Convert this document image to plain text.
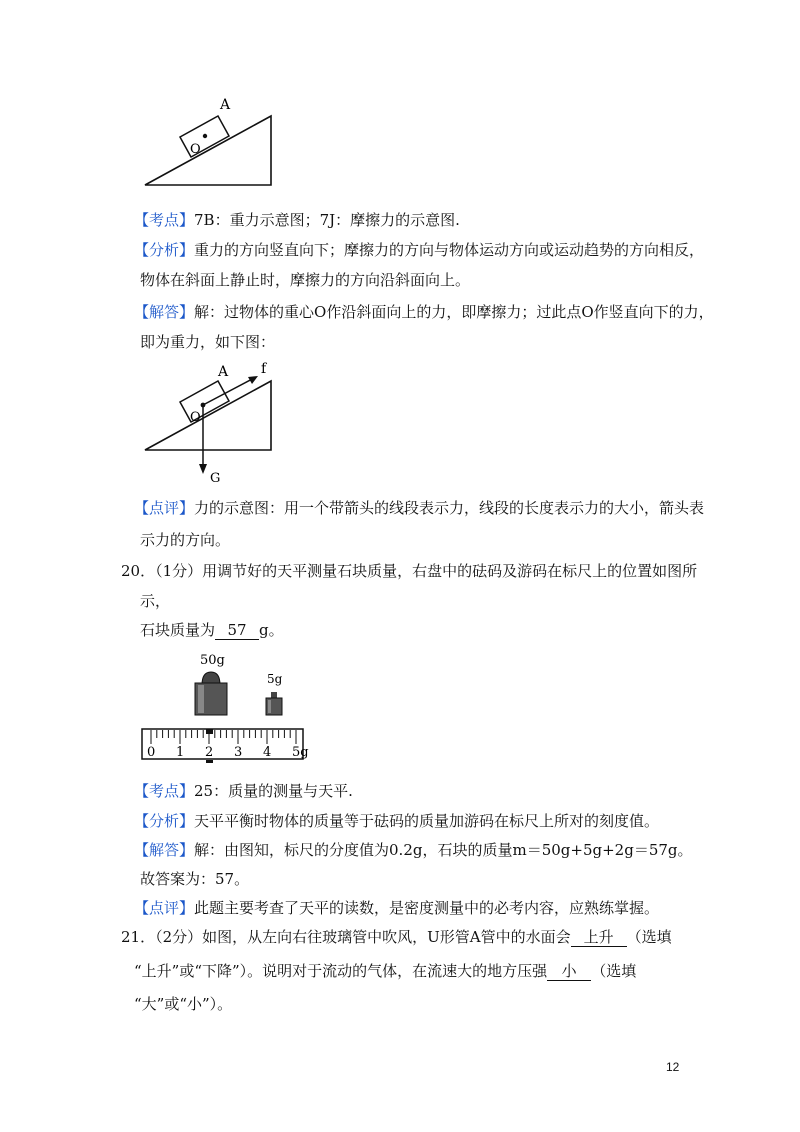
A
O
【考点】7B：重力示意图；7J：摩擦力的示意图.
【分析】重力的方向竖直向下；摩擦力的方向与物体运动方向或运动趋势的方向相反，
物体在斜面上静止时，摩擦力的方向沿斜面向上。
【解答】解：过物体的重心O作沿斜面向上的力，即摩擦力；过此点O作竖直向下的力，
即为重力，如下图：
A f
O
G
【点评】力的示意图：用一个带箭头的线段表示力，线段的长度表示力的大小，箭头表
示力的方向。
20．（1分）用调节好的天平测量石块质量，右盘中的砝码及游码在标尺上的位置如图所
示，
石块质量为 57 g。
50g
5g
0 1 2 3 4 5g
【考点】25：质量的测量与天平.
【分析】天平平衡时物体的质量等于砝码的质量加游码在标尺上所对的刻度值。
【解答】解：由图知，标尺的分度值为0.2g，石块的质量m＝50g+5g+2g＝57g。
故答案为：57。
【点评】此题主要考查了天平的读数，是密度测量中的必考内容，应熟练掌握。
21．（2分）如图，从左向右往玻璃管中吹风，U形管A管中的水面会 上升 （选填
“上升”或“下降”）。说明对于流动的气体，在流速大的地方压强 小 （选填
“大”或“小”）。
12
